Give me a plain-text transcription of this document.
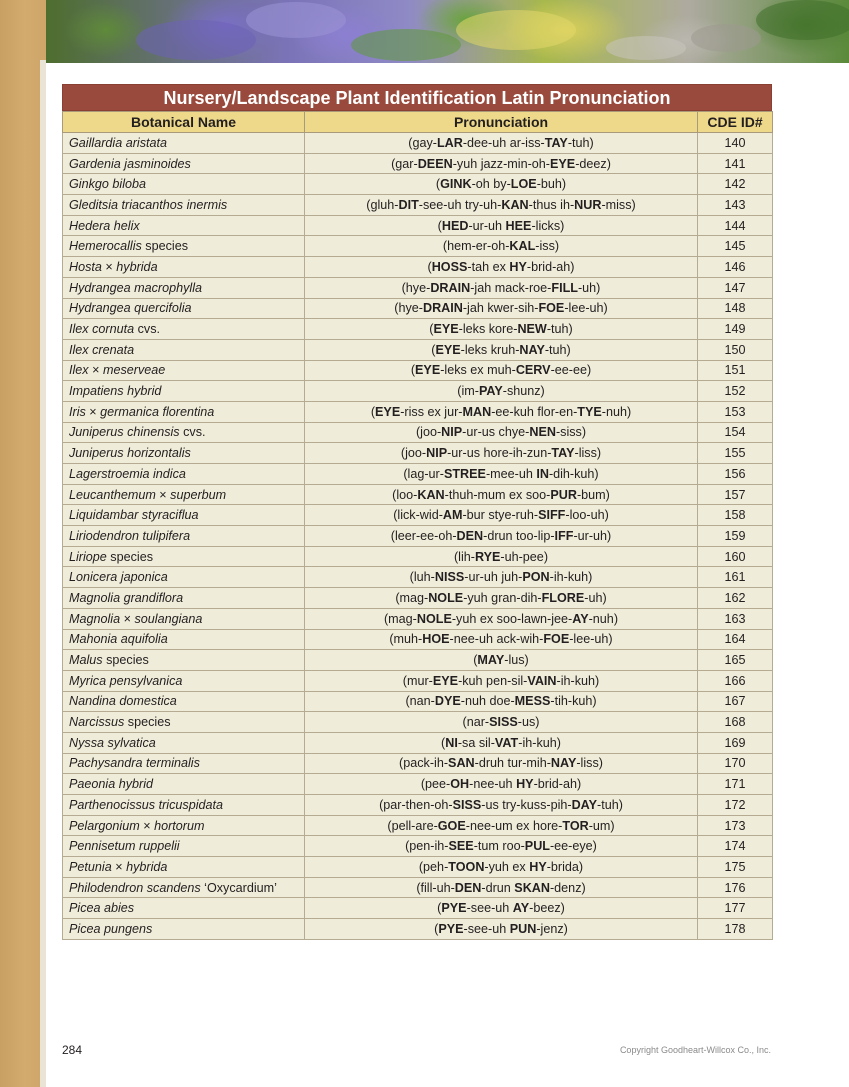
Nursery/Landscape Plant Identification Latin Pronunciation
Botanical Name	Pronunciation	CDE ID#
Gaillardia aristata	(gay-LAR-dee-uh ar-iss-TAY-tuh)	140
Gardenia jasminoides	(gar-DEEN-yuh jazz-min-oh-EYE-deez)	141
Ginkgo biloba	(GINK-oh by-LOE-buh)	142
Gleditsia triacanthos inermis	(gluh-DIT-see-uh try-uh-KAN-thus ih-NUR-miss)	143
Hedera helix	(HED-ur-uh HEE-licks)	144
Hemerocallis species	(hem-er-oh-KAL-iss)	145
Hosta × hybrida	(HOSS-tah ex HY-brid-ah)	146
Hydrangea macrophylla	(hye-DRAIN-jah mack-roe-FILL-uh)	147
Hydrangea quercifolia	(hye-DRAIN-jah kwer-sih-FOE-lee-uh)	148
Ilex cornuta cvs.	(EYE-leks kore-NEW-tuh)	149
Ilex crenata	(EYE-leks kruh-NAY-tuh)	150
Ilex × meserveae	(EYE-leks ex muh-CERV-ee-ee)	151
Impatiens hybrid	(im-PAY-shunz)	152
Iris × germanica florentina	(EYE-riss ex jur-MAN-ee-kuh flor-en-TYE-nuh)	153
Juniperus chinensis cvs.	(joo-NIP-ur-us chye-NEN-siss)	154
Juniperus horizontalis	(joo-NIP-ur-us hore-ih-zun-TAY-liss)	155
Lagerstroemia indica	(lag-ur-STREE-mee-uh IN-dih-kuh)	156
Leucanthemum × superbum	(loo-KAN-thuh-mum ex soo-PUR-bum)	157
Liquidambar styraciflua	(lick-wid-AM-bur stye-ruh-SIFF-loo-uh)	158
Liriodendron tulipifera	(leer-ee-oh-DEN-drun too-lip-IFF-ur-uh)	159
Liriope species	(lih-RYE-uh-pee)	160
Lonicera japonica	(luh-NISS-ur-uh juh-PON-ih-kuh)	161
Magnolia grandiflora	(mag-NOLE-yuh gran-dih-FLORE-uh)	162
Magnolia × soulangiana	(mag-NOLE-yuh ex soo-lawn-jee-AY-nuh)	163
Mahonia aquifolia	(muh-HOE-nee-uh ack-wih-FOE-lee-uh)	164
Malus species	(MAY-lus)	165
Myrica pensylvanica	(mur-EYE-kuh pen-sil-VAIN-ih-kuh)	166
Nandina domestica	(nan-DYE-nuh doe-MESS-tih-kuh)	167
Narcissus species	(nar-SISS-us)	168
Nyssa sylvatica	(NI-sa sil-VAT-ih-kuh)	169
Pachysandra terminalis	(pack-ih-SAN-druh tur-mih-NAY-liss)	170
Paeonia hybrid	(pee-OH-nee-uh HY-brid-ah)	171
Parthenocissus tricuspidata	(par-then-oh-SISS-us try-kuss-pih-DAY-tuh)	172
Pelargonium × hortorum	(pell-are-GOE-nee-um ex hore-TOR-um)	173
Pennisetum ruppelii	(pen-ih-SEE-tum roo-PUL-ee-eye)	174
Petunia × hybrida	(peh-TOON-yuh ex HY-brida)	175
Philodendron scandens ‘Oxycardium’	(fill-uh-DEN-drun SKAN-denz)	176
Picea abies	(PYE-see-uh AY-beez)	177
Picea pungens	(PYE-see-uh PUN-jenz)	178
284	Copyright Goodheart-Willcox Co., Inc.
